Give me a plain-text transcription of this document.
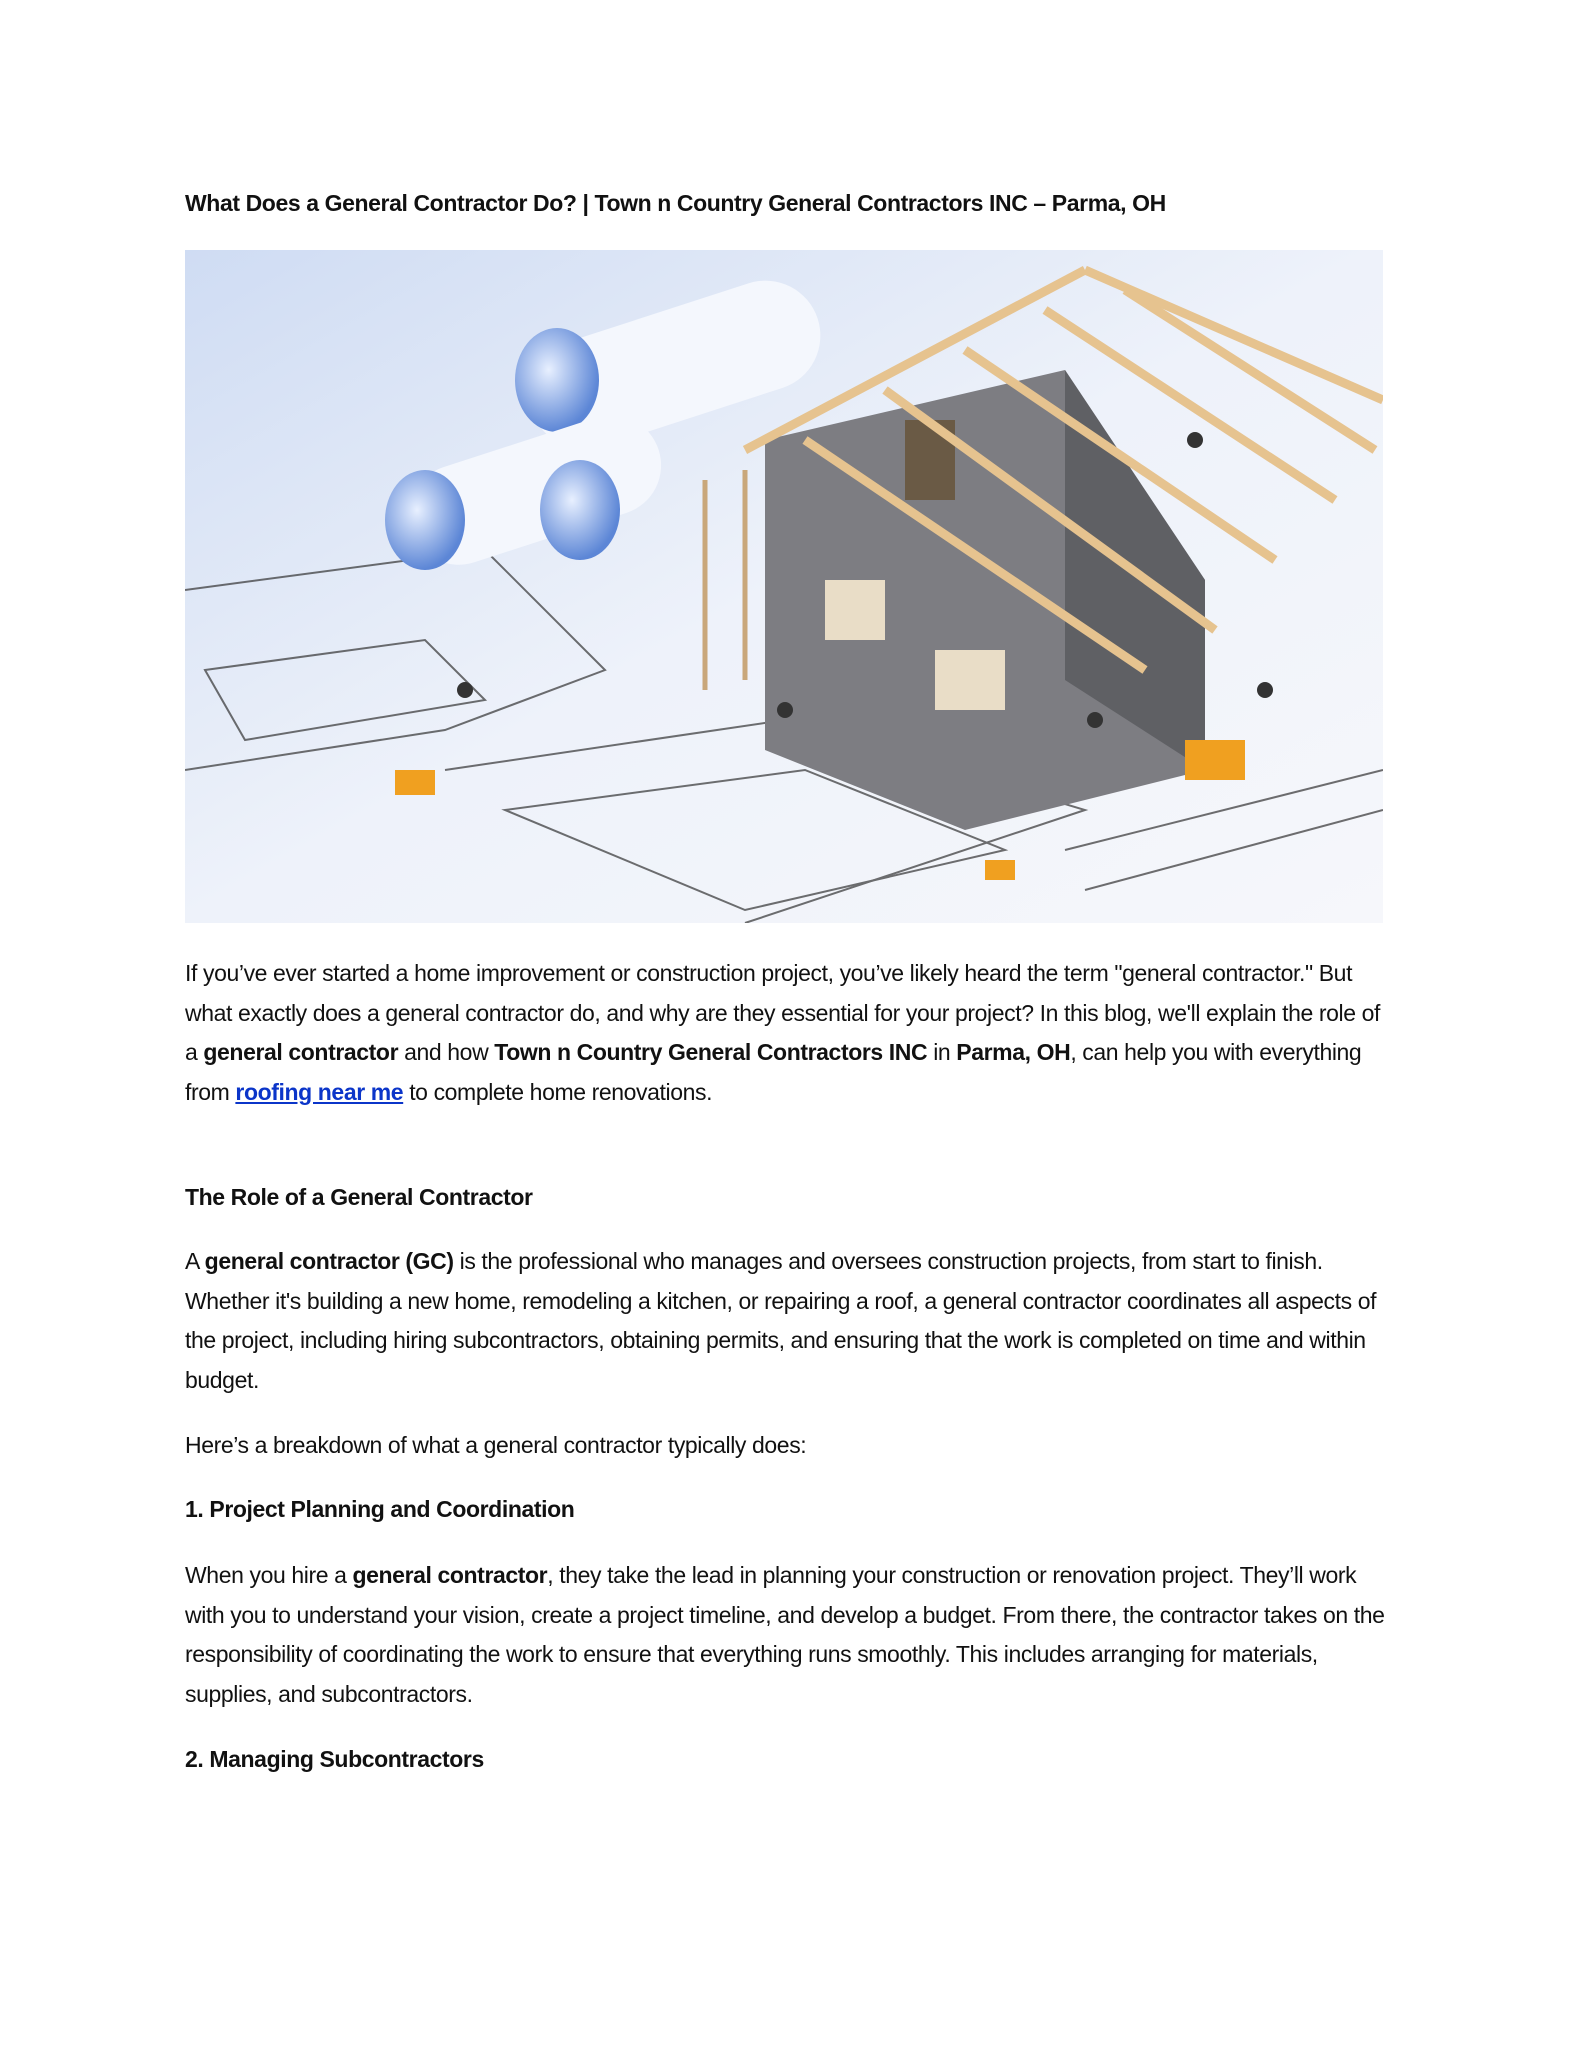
What Does a General Contractor Do? | Town n Country General Contractors INC – Parma, OH
If you’ve ever started a home improvement or construction project, you’ve likely heard the term "general contractor." But what exactly does a general contractor do, and why are they essential for your project? In this blog, we'll explain the role of a general contractor and how Town n Country General Contractors INC in Parma, OH, can help you with everything from roofing near me to complete home renovations.
The Role of a General Contractor
A general contractor (GC) is the professional who manages and oversees construction projects, from start to finish. Whether it's building a new home, remodeling a kitchen, or repairing a roof, a general contractor coordinates all aspects of the project, including hiring subcontractors, obtaining permits, and ensuring that the work is completed on time and within budget.
Here’s a breakdown of what a general contractor typically does:
1. Project Planning and Coordination
When you hire a general contractor, they take the lead in planning your construction or renovation project. They’ll work with you to understand your vision, create a project timeline, and develop a budget. From there, the contractor takes on the responsibility of coordinating the work to ensure that everything runs smoothly. This includes arranging for materials, supplies, and subcontractors.
2. Managing Subcontractors
